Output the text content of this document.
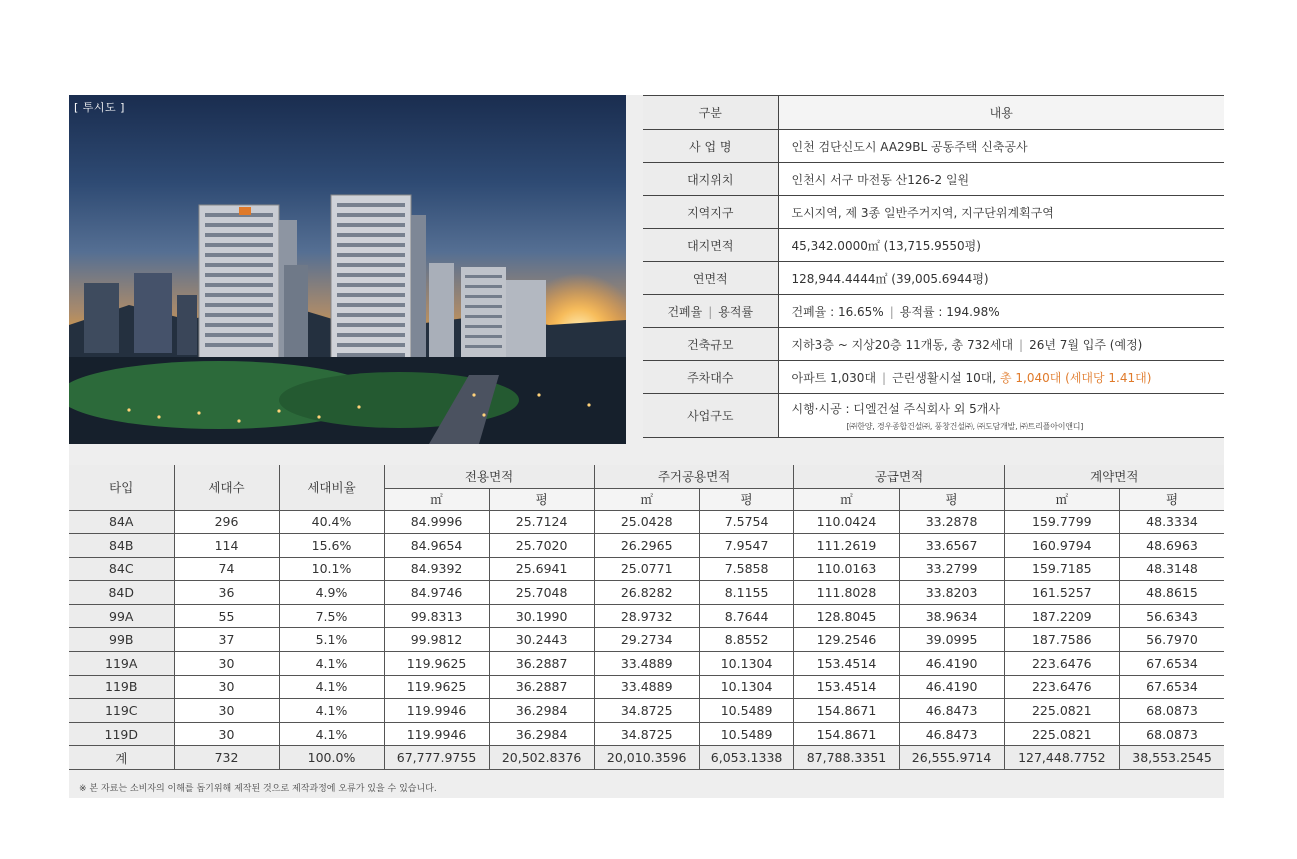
[ 투시도 ]	구분	내용
사 업 명	인천 검단신도시 AA29BL 공동주택 신축공사
대지위치	인천시 서구 마전동 산126-2 일원
지역지구	도시지역, 제 3종 일반주거지역, 지구단위계획구역
대지면적	45,342.0000㎡ (13,715.9550평)
연면적	128,944.4444㎡ (39,005.6944평)
건폐율 | 용적률	건폐율 : 16.65% | 용적률 : 194.98%
건축규모	지하3층 ~ 지상20층 11개동, 총 732세대 | 26년 7월 입주 (예정)
주차대수	아파트 1,030대 | 근린생활시설 10대, 총 1,040대 (세대당 1.41대)
사업구도	시행·시공 : 디엘건설 주식회사 외 5개사
[㈜한양, 경우종합건설㈜, 풍창건설㈜, ㈜도담개발, ㈜트리플아이앤디]
타입	세대수	세대비율	전용면적		주거공용면적		공급면적		계약면적	
			㎡	평	㎡	평	㎡	평	㎡	평
84A	296	40.4%	84.9996	25.7124	25.0428	7.5754	110.0424	33.2878	159.7799	48.3334
84B	114	15.6%	84.9654	25.7020	26.2965	7.9547	111.2619	33.6567	160.9794	48.6963
84C	74	10.1%	84.9392	25.6941	25.0771	7.5858	110.0163	33.2799	159.7185	48.3148
84D	36	4.9%	84.9746	25.7048	26.8282	8.1155	111.8028	33.8203	161.5257	48.8615
99A	55	7.5%	99.8313	30.1990	28.9732	8.7644	128.8045	38.9634	187.2209	56.6343
99B	37	5.1%	99.9812	30.2443	29.2734	8.8552	129.2546	39.0995	187.7586	56.7970
119A	30	4.1%	119.9625	36.2887	33.4889	10.1304	153.4514	46.4190	223.6476	67.6534
119B	30	4.1%	119.9625	36.2887	33.4889	10.1304	153.4514	46.4190	223.6476	67.6534
119C	30	4.1%	119.9946	36.2984	34.8725	10.5489	154.8671	46.8473	225.0821	68.0873
119D	30	4.1%	119.9946	36.2984	34.8725	10.5489	154.8671	46.8473	225.0821	68.0873
계	732	100.0%	67,777.9755	20,502.8376	20,010.3596	6,053.1338	87,788.3351	26,555.9714	127,448.7752	38,553.2545
※ 본 자료는 소비자의 이해를 돕기위해 제작된 것으로 제작과정에 오류가 있을 수 있습니다.
